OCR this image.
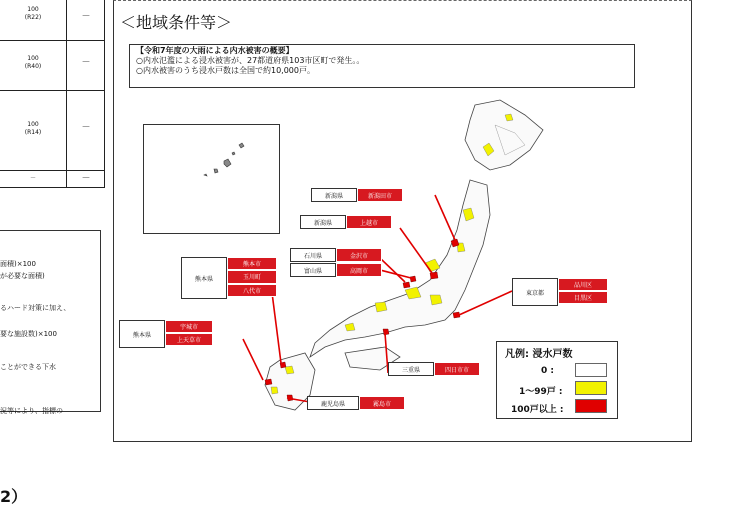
100
(R22)	－
100
(R40)	－
100
(R14)	－
－	－
面積)×100
が必要な面積)
るハード対策に加え、
要な施設数)×100
ことができる下水
況等により、指標の
2）
＜地域条件等＞
【令和7年度の大雨による内水被害の概要】
○内水氾濫による浸水被害が、27都道府県103市区町で発生。。
○内水被害のうち浸水戸数は全国で約10,000戸。
新潟県	新潟田市
新潟県	上越市
石川県	金沢市
富山県	高岡市
熊本県
熊本市
玉川町
八代市
熊本県
宇城市
上天草市
東京都
品川区
目黒区
三重県	四日市市
鹿児島県	霧島市
凡例: 浸水戸数
0 :
1～99戸 :
100戸以上 :
